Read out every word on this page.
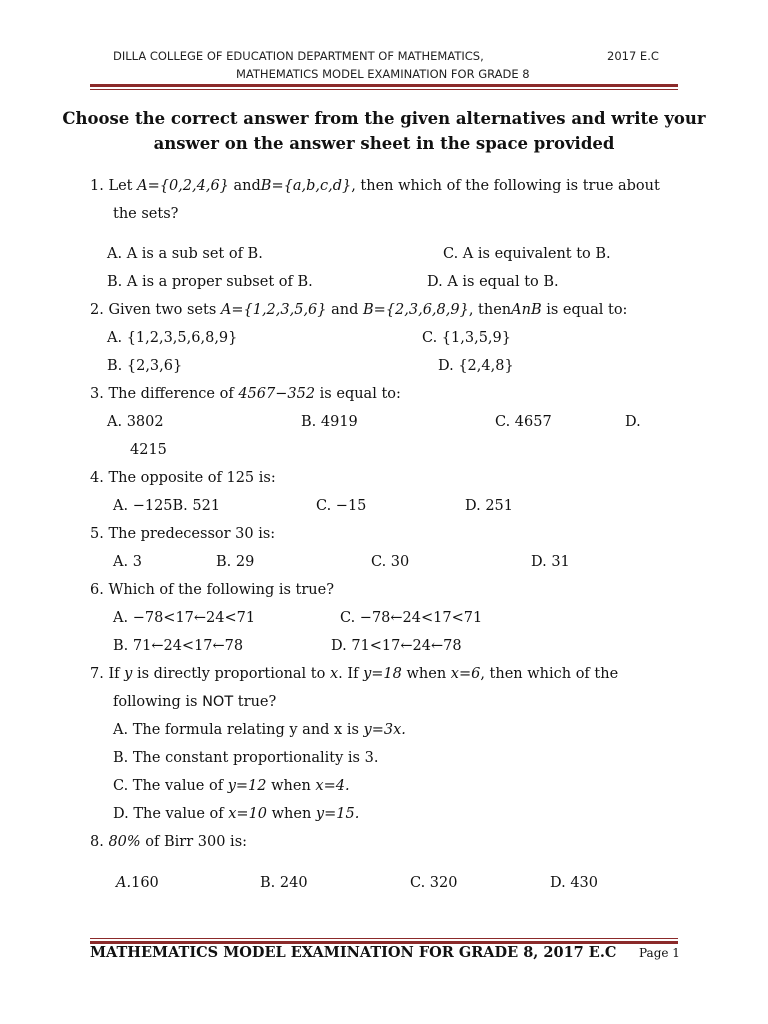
DILLA COLLEGE OF EDUCATION DEPARTMENT OF MATHEMATICS,	2017 E.C
MATHEMATICS MODEL EXAMINATION FOR GRADE 8
Choose the correct answer from the given alternatives and write your answer on the answer sheet in the space provided
1. Let A={0,2,4,6} andB={a,b,c,d}, then which of the following is true about
the sets?
A. A is a sub set of B.	C. A is equivalent to B.
B. A is a proper subset of B.	D. A is equal to B.
2. Given two sets A={1,2,3,5,6} and B={2,3,6,8,9}, thenAnB is equal to:
A. {1,2,3,5,6,8,9}	C. {1,3,5,9}
B. {2,3,6}	D. {2,4,8}
3. The difference of 4567−352 is equal to:
A. 3802	B. 4919	C. 4657	D.
4215
4. The opposite of 125 is:
A. −125B. 521	C. −15	D. 251
5. The predecessor 30 is:
A. 3	B. 29	C. 30	D. 31
6. Which of the following is true?
A. −78<17←24<71	C. −78←24<17<71
B. 71←24<17←78	D. 71<17←24←78
7. If y is directly proportional to x. If y=18 when x=6, then which of the
following is NOT true?
A. The formula relating y and x is y=3x.
B. The constant proportionality is 3.
C. The value of y=12 when x=4.
D. The value of x=10 when y=15.
8. 80% of Birr 300 is:
A.160	B. 240	C. 320	D. 430
MATHEMATICS MODEL EXAMINATION FOR GRADE 8, 2017 E.C Page 1
